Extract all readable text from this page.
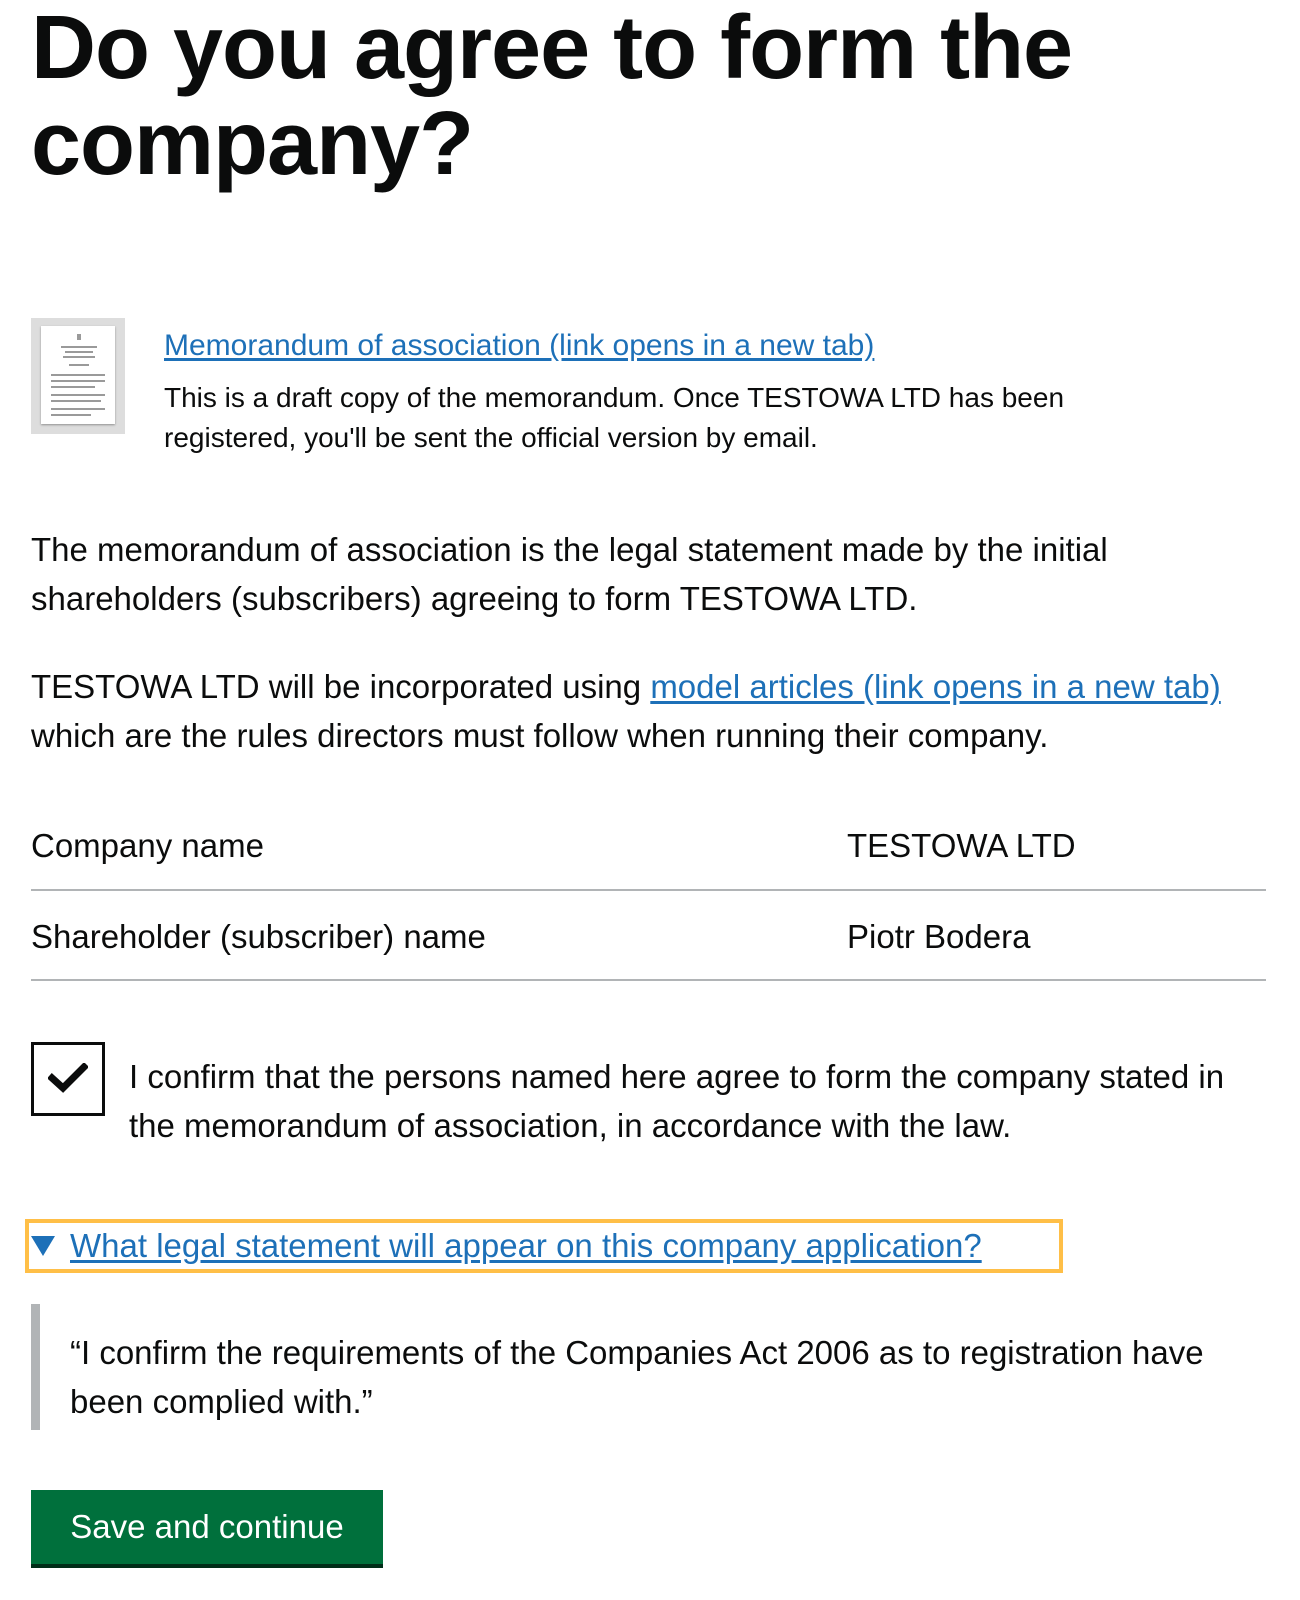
Do you agree to form the company?
Memorandum of association (link opens in a new tab)

This is a draft copy of the memorandum. Once TESTOWA LTD has been registered, you'll be sent the official version by email.

The memorandum of association is the legal statement made by the initial shareholders (subscribers) agreeing to form TESTOWA LTD.

TESTOWA LTD will be incorporated using model articles (link opens in a new tab) which are the rules directors must follow when running their company.

Company name	TESTOWA LTD
Shareholder (subscriber) name	Piotr Bodera

I confirm that the persons named here agree to form the company stated in the memorandum of association, in accordance with the law.

What legal statement will appear on this company application?

“I confirm the requirements of the Companies Act 2006 as to registration have been complied with.”

Save and continue
